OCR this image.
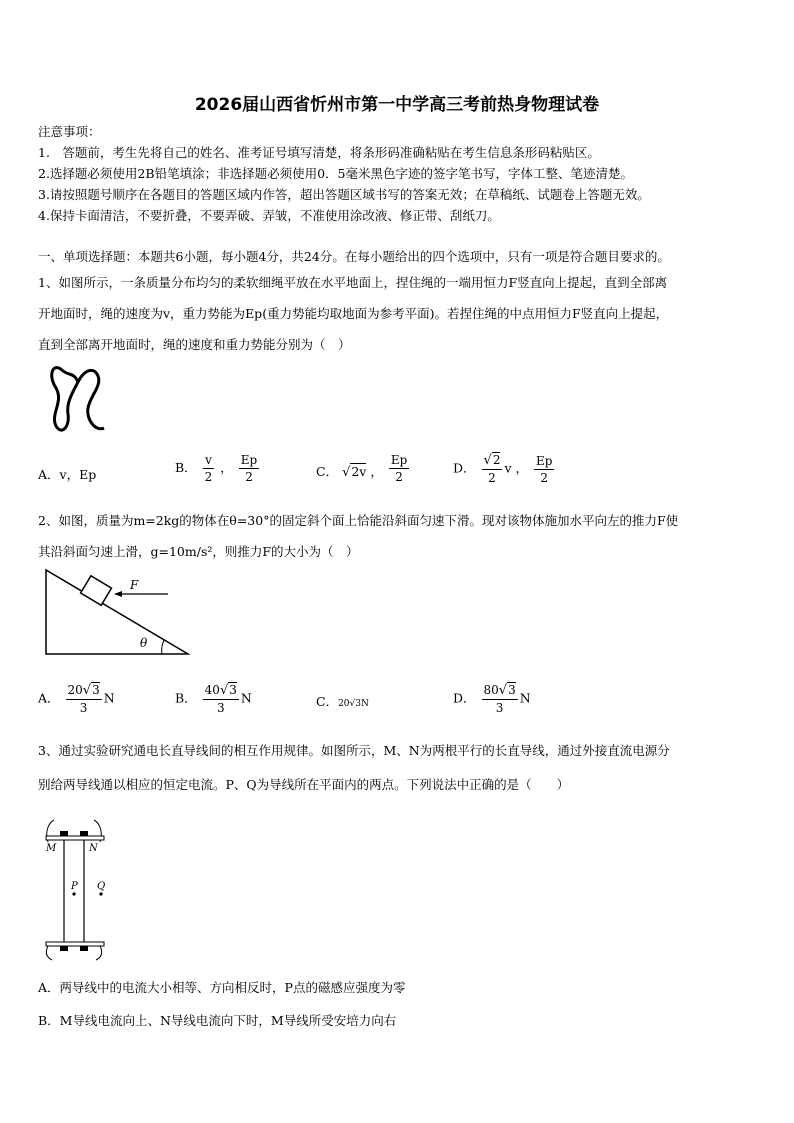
2026届山西省忻州市第一中学高三考前热身物理试卷
注意事项：
1.　答题前，考生先将自己的姓名、准考证号填写清楚，将条形码准确粘贴在考生信息条形码粘贴区。
2.选择题必须使用2B铅笔填涂；非选择题必须使用0．5毫米黑色字迹的签字笔书写，字体工整、笔迹清楚。
3.请按照题号顺序在各题目的答题区域内作答，超出答题区域书写的答案无效；在草稿纸、试题卷上答题无效。
4.保持卡面清洁，不要折叠，不要弄破、弄皱，不准使用涂改液、修正带、刮纸刀。
一、单项选择题：本题共6小题，每小题4分，共24分。在每小题给出的四个选项中，只有一项是符合题目要求的。
1、如图所示，一条质量分布均匀的柔软细绳平放在水平地面上，捏住绳的一端用恒力F竖直向上提起，直到全部离
开地面时，绳的速度为v，重力势能为Ep(重力势能均取地面为参考平面)。若捏住绳的中点用恒力F竖直向上提起，
直到全部离开地面时，绳的速度和重力势能分别为（　）
A．v，Ep	B． $\frac{v}{2}$ ， $\frac{Ep}{2}$	C． √2v ， $\frac{Ep}{2}$	D． $\frac{√2}{2}$ v ， $\frac{Ep}{2}$
2、如图，质量为m=2kg的物体在θ=30°的固定斜个面上恰能沿斜面匀速下滑。现对该物体施加水平向左的推力F使
其沿斜面匀速上滑，g=10m/s²，则推力F的大小为（　）
F
θ
A． $\frac{20√3}{3}$ N	B． $\frac{40√3}{3}$ N	C．20√3N	D． $\frac{80√3}{3}$ N
3、通过实验研究通电长直导线间的相互作用规律。如图所示，M、N为两根平行的长直导线，通过外接直流电源分
别给两导线通以相应的恒定电流。P、Q为导线所在平面内的两点。下列说法中正确的是（　　）
M	N
P Q
A．两导线中的电流大小相等、方向相反时，P点的磁感应强度为零
B．M导线电流向上、N导线电流向下时，M导线所受安培力向右
